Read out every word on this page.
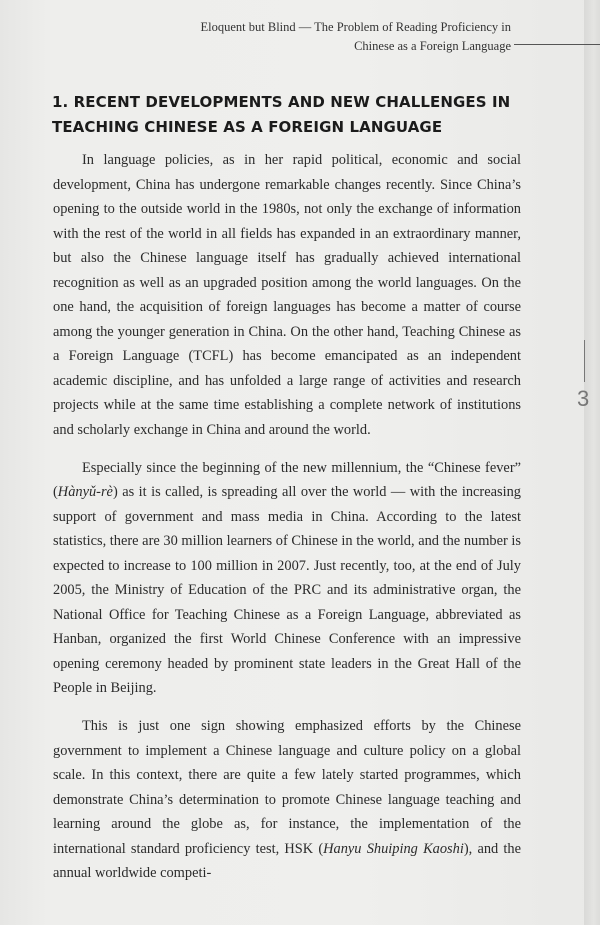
Eloquent but Blind — The Problem of Reading Proficiency in
Chinese as a Foreign Language
3
1. RECENT DEVELOPMENTS AND NEW CHALLENGES IN TEACHING CHINESE AS A FOREIGN LANGUAGE

In language policies, as in her rapid political, economic and social development, China has undergone remarkable changes recently. Since China’s opening to the outside world in the 1980s, not only the exchange of information with the rest of the world in all fields has expanded in an extraordinary manner, but also the Chinese language itself has gradually achieved international recognition as well as an upgraded position among the world languages. On the one hand, the acquisition of foreign languages has become a matter of course among the younger generation in China. On the other hand, Teaching Chinese as a Foreign Language (TCFL) has become emancipated as an independent academic discipline, and has unfolded a large range of activities and research projects while at the same time establishing a complete network of institutions and scholarly exchange in China and around the world.

Especially since the beginning of the new millennium, the “Chinese fever” (Hànyǔ-rè) as it is called, is spreading all over the world — with the increasing support of government and mass media in China. According to the latest statistics, there are 30 million learners of Chinese in the world, and the number is expected to increase to 100 million in 2007. Just recently, too, at the end of July 2005, the Ministry of Education of the PRC and its administrative organ, the National Office for Teaching Chinese as a Foreign Language, abbreviated as Hanban, organized the first World Chinese Conference with an impressive opening ceremony headed by prominent state leaders in the Great Hall of the People in Beijing.

This is just one sign showing emphasized efforts by the Chinese government to implement a Chinese language and culture policy on a global scale. In this context, there are quite a few lately started programmes, which demonstrate China’s determination to promote Chinese language teaching and learning around the globe as, for instance, the implementation of the international standard proficiency test, HSK (Hanyu Shuiping Kaoshi), and the annual worldwide competi-
